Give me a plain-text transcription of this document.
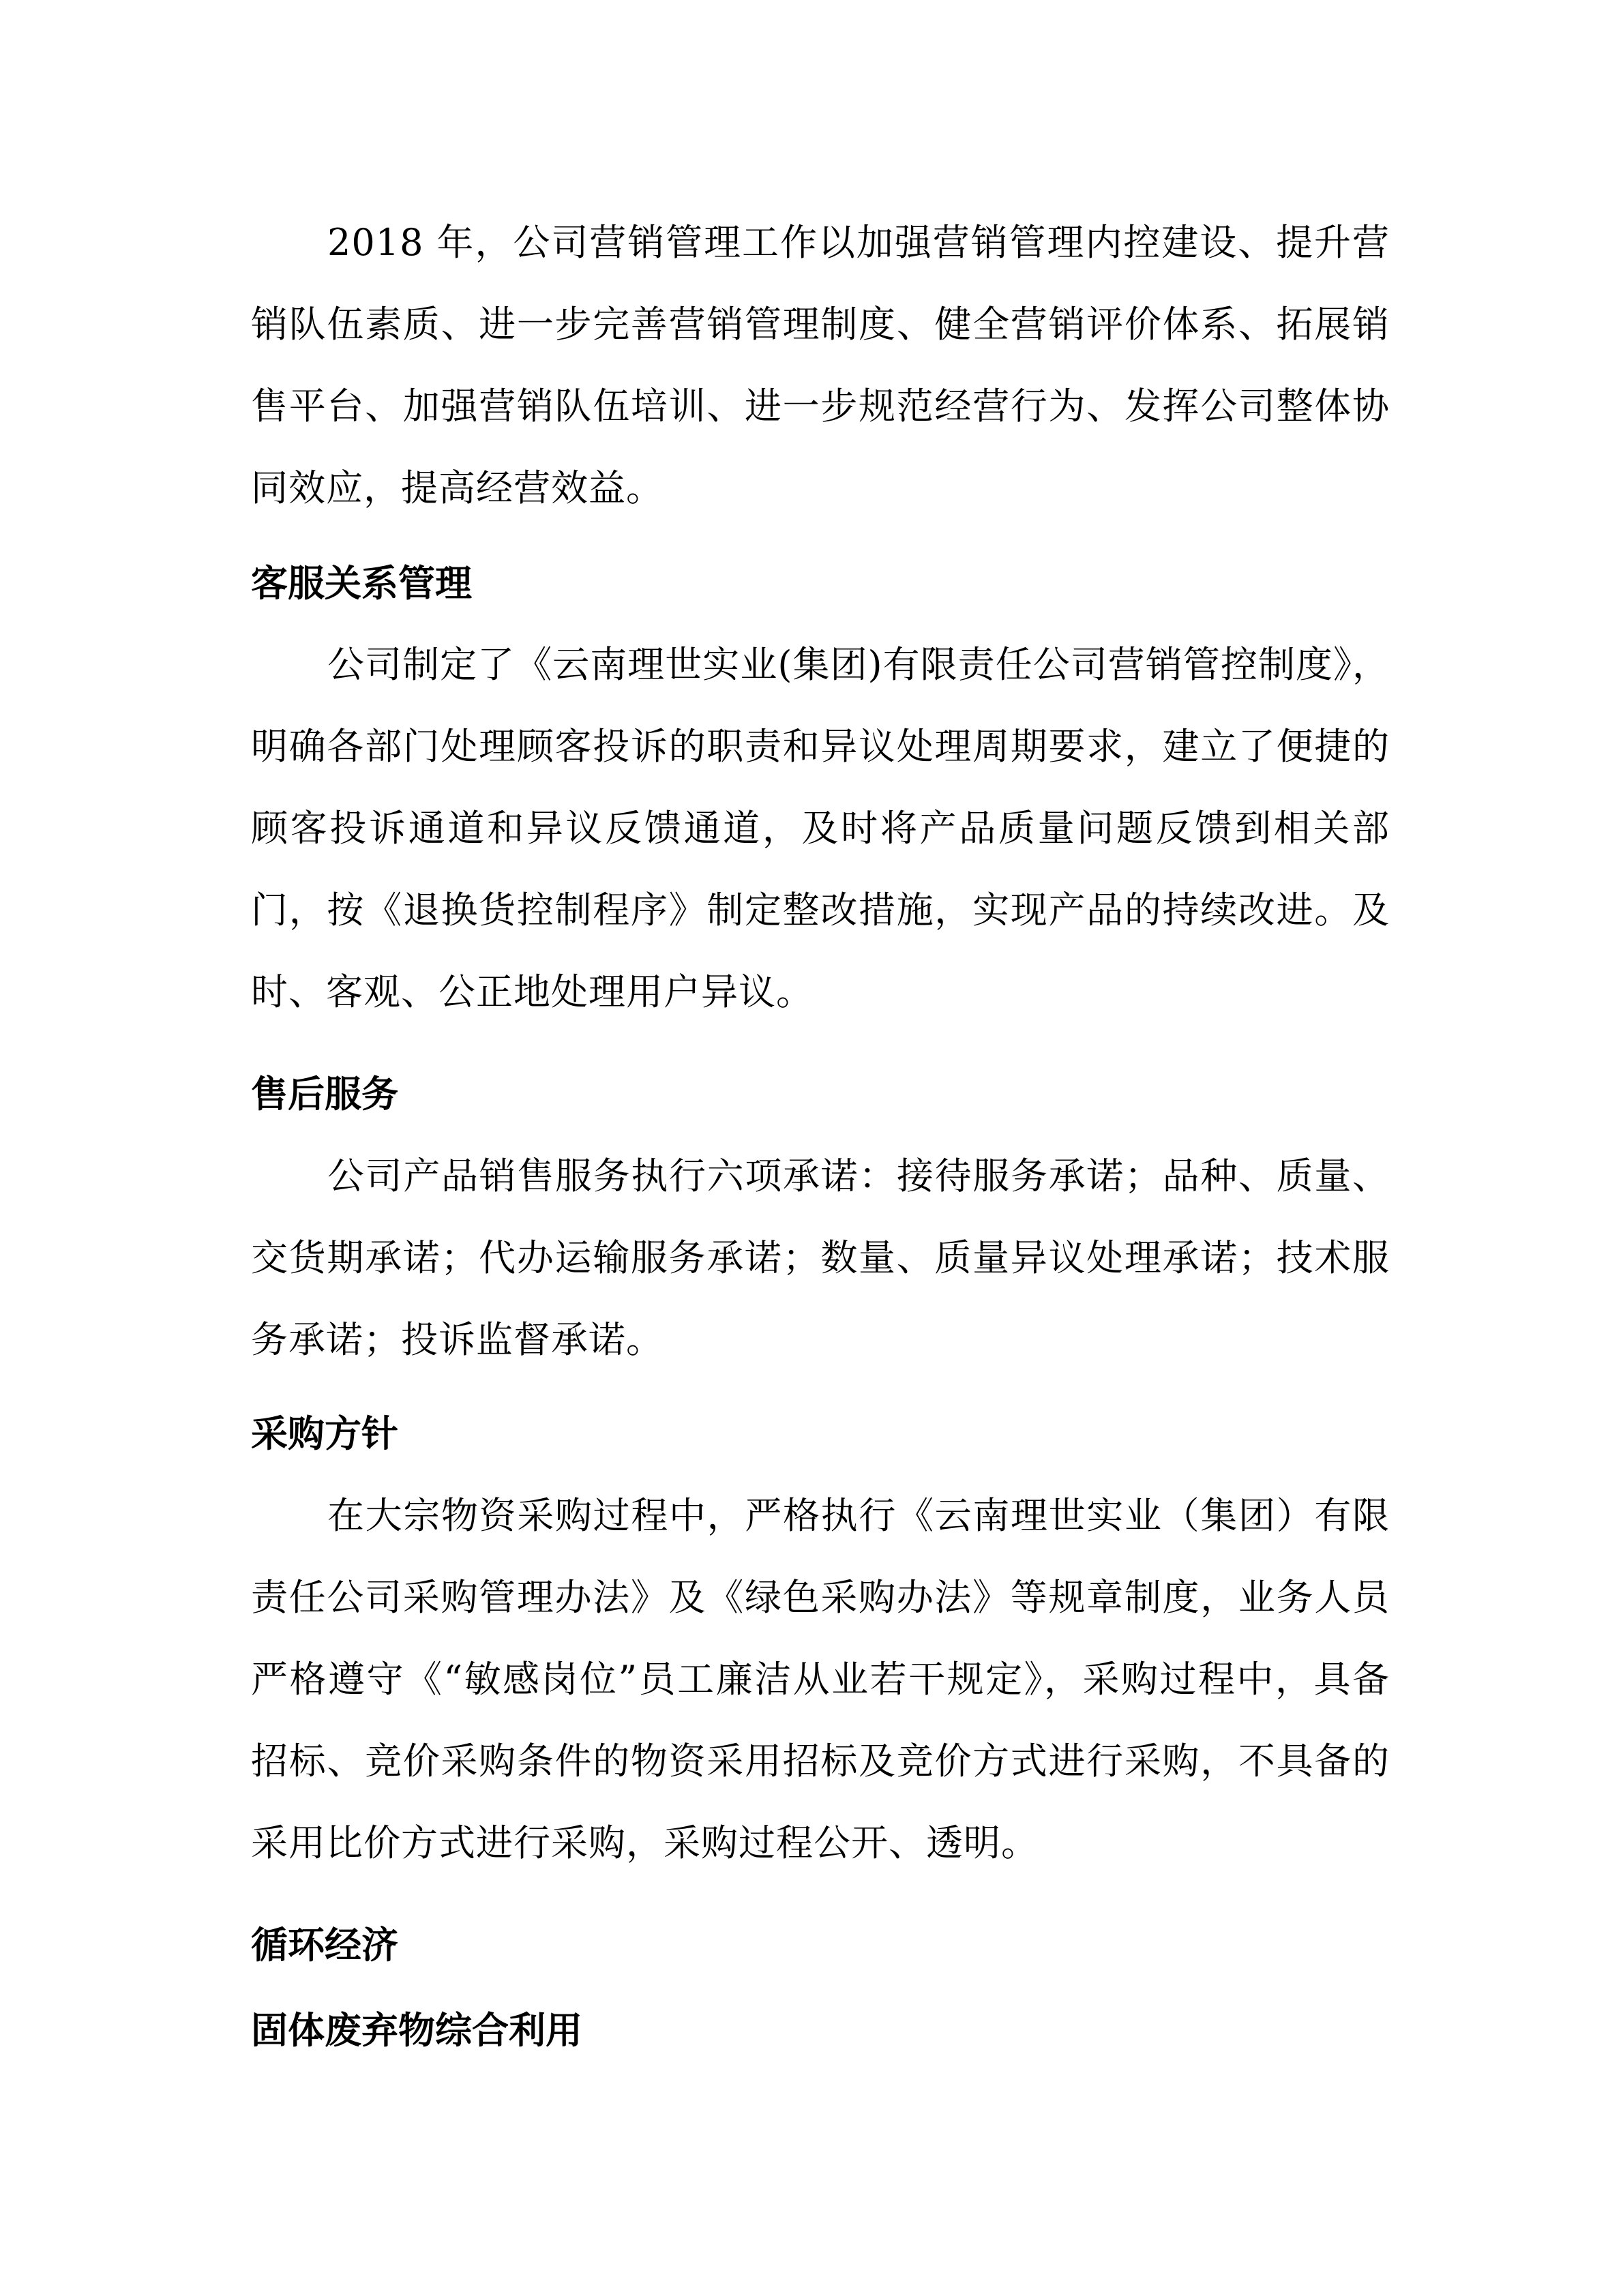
2018 年，公司营销管理工作以加强营销管理内控建设、提升营销队伍素质、进一步完善营销管理制度、健全营销评价体系、拓展销售平台、加强营销队伍培训、进一步规范经营行为、发挥公司整体协同效应，提高经营效益。

客服关系管理

公司制定了《云南理世实业(集团)有限责任公司营销管控制度》，明确各部门处理顾客投诉的职责和异议处理周期要求，建立了便捷的顾客投诉通道和异议反馈通道，及时将产品质量问题反馈到相关部门，按《退换货控制程序》制定整改措施，实现产品的持续改进。及时、客观、公正地处理用户异议。

售后服务

公司产品销售服务执行六项承诺：接待服务承诺；品种、质量、交货期承诺；代办运输服务承诺；数量、质量异议处理承诺；技术服务承诺；投诉监督承诺。

采购方针

在大宗物资采购过程中，严格执行《云南理世实业（集团）有限责任公司采购管理办法》及《绿色采购办法》等规章制度，业务人员严格遵守《“敏感岗位”员工廉洁从业若干规定》，采购过程中，具备招标、竞价采购条件的物资采用招标及竞价方式进行采购，不具备的采用比价方式进行采购，采购过程公开、透明。

循环经济
固体废弃物综合利用
